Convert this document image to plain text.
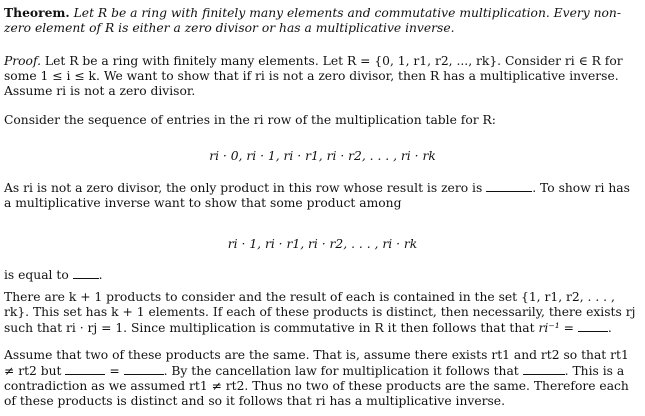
Theorem. Let R be a ring with finitely many elements and commutative multiplication. Every non-zero element of R is either a zero divisor or has a multiplicative inverse.
Proof. Let R be a ring with finitely many elements. Let R = {0, 1, r1, r2, ..., rk}. Consider ri ∈ R for some 1 ≤ i ≤ k. We want to show that if ri is not a zero divisor, then R has a multiplicative inverse. Assume ri is not a zero divisor.
Consider the sequence of entries in the ri row of the multiplication table for R:
ri · 0, ri · 1, ri · r1, ri · r2, . . . , ri · rk
As ri is not a zero divisor, the only product in this row whose result is zero is	. To show ri has a multiplicative inverse want to show that some product among
ri · 1, ri · r1, ri · r2, . . . , ri · rk
is equal to .
There are k + 1 products to consider and the result of each is contained in the set {1, r1, r2, . . . , rk}. This set has k + 1 elements. If each of these products is distinct, then necessarily, there exists rj such that ri · rj = 1. Since multiplication is commutative in R it then follows that that ri⁻¹ =	.
Assume that two of these products are the same. That is, assume there exists rt1 and rt2 so that rt1 ≠ rt2 but	=	. By the cancellation law for multiplication it follows that	. This is a contradiction as we assumed rt1 ≠ rt2. Thus no two of these products are the same. Therefore each of these products is distinct and so it follows that ri has a multiplicative inverse.
